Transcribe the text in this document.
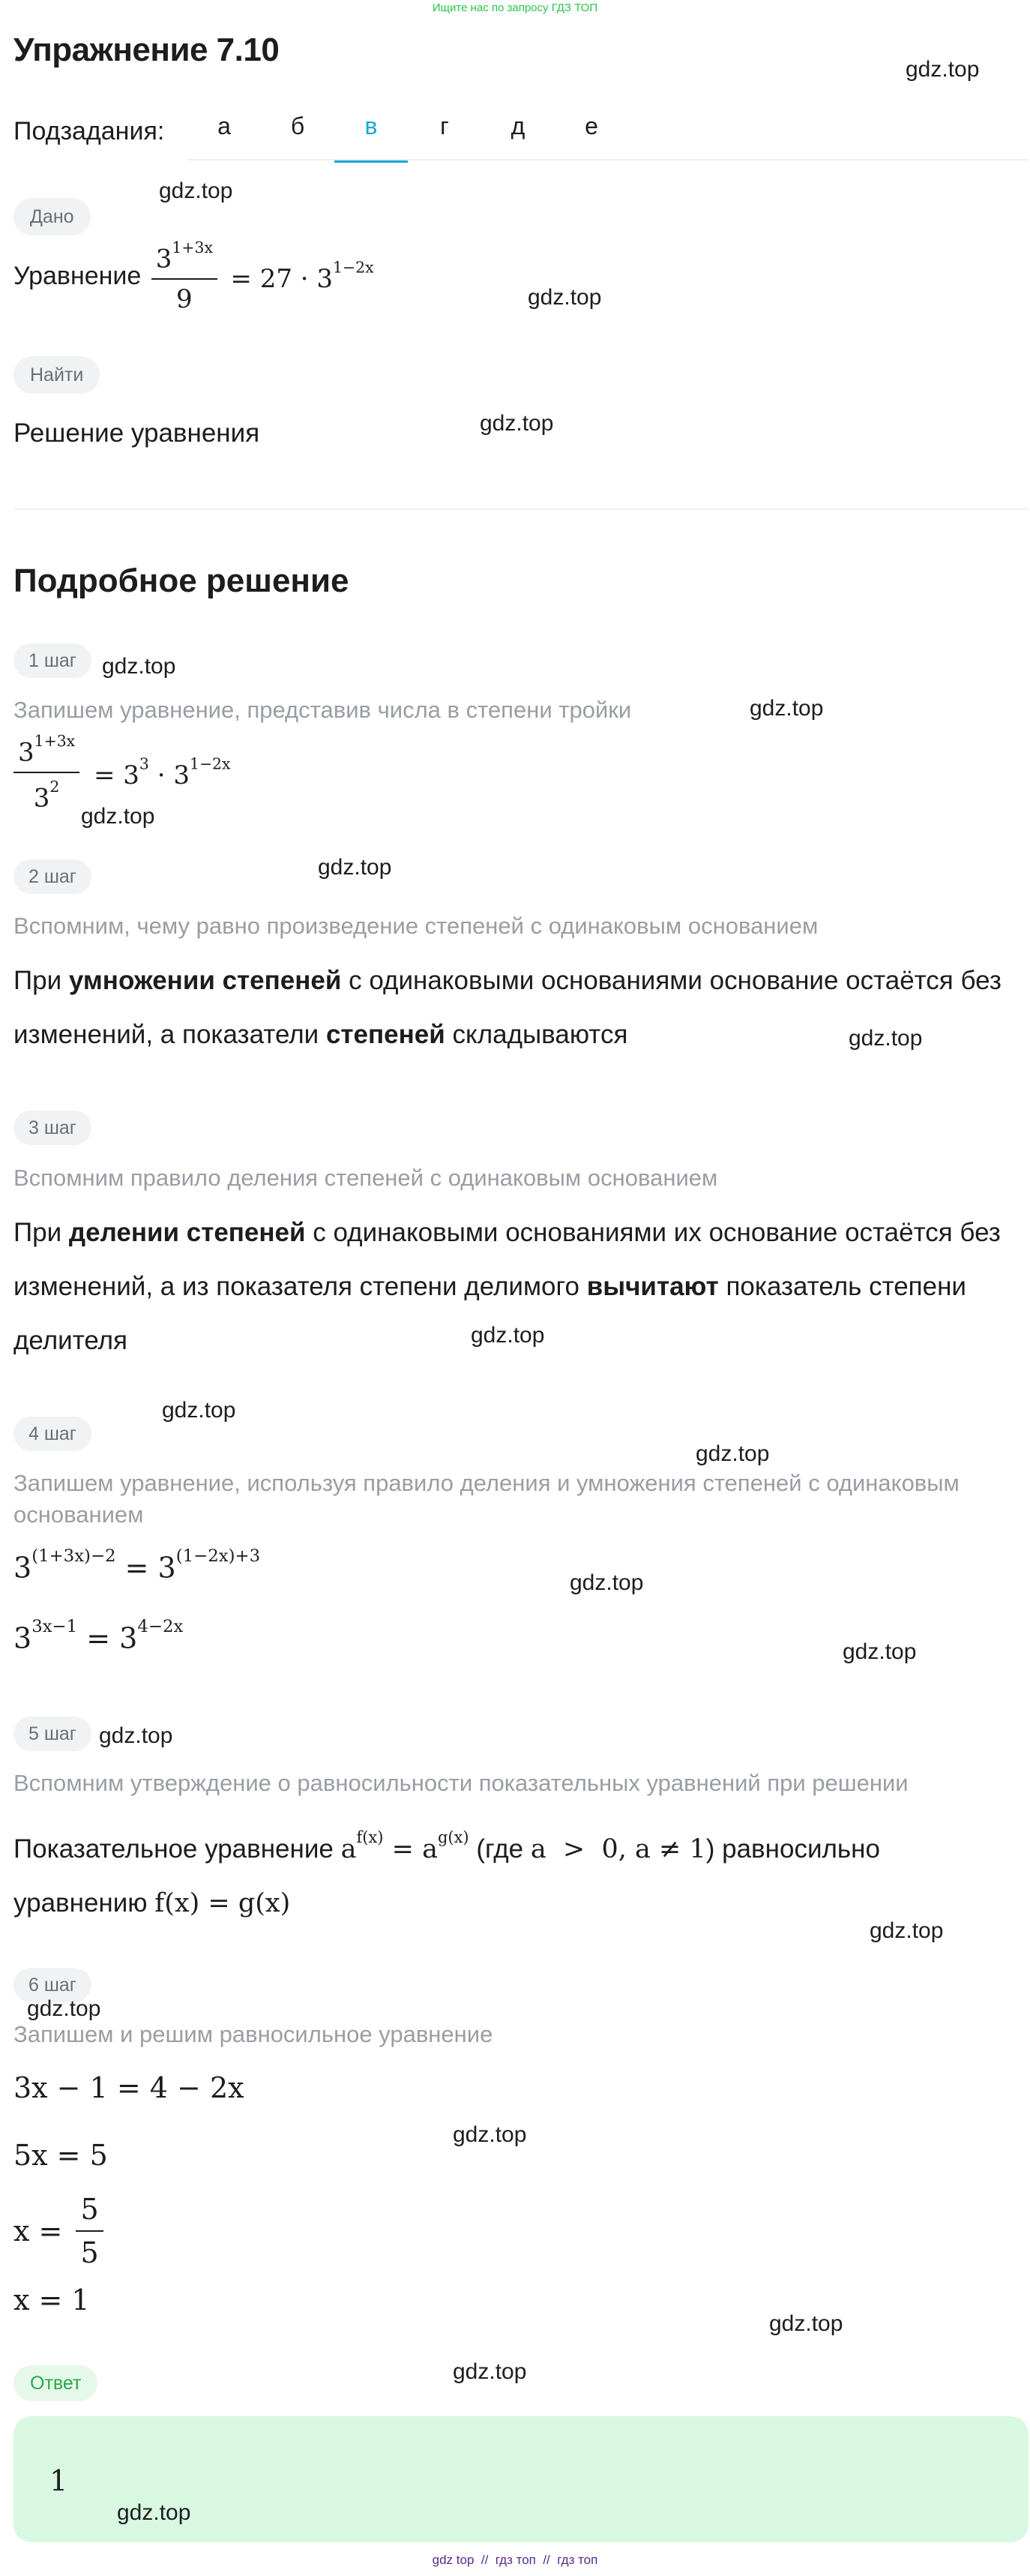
Ищите нас по запросу ГДЗ ТОП
Упражнение 7.10
Подзадания:	а	б	в	г	д	е
Дано
Уравнение $\frac{3^{1+3x}}{9} = 27 \cdot 3^{1-2x}$
Найти
Решение уравнения
Подробное решение
1 шаг
Запишем уравнение, представив числа в степени тройки
$\frac{3^{1+3x}}{3^2} = 3^3 \cdot 3^{1-2x}$
2 шаг
Вспомним, чему равно произведение степеней с одинаковым основанием
При умножении степеней с одинаковыми основаниями основание остаётся без изменений, а показатели степеней складываются
3 шаг
Вспомним правило деления степеней с одинаковым основанием
При делении степеней с одинаковыми основаниями их основание остаётся без изменений, а из показателя степени делимого вычитают показатель степени делителя
4 шаг
Запишем уравнение, используя правило деления и умножения степеней с одинаковым основанием
$3^{(1+3x)-2} = 3^{(1-2x)+3}$
$3^{3x-1} = 3^{4-2x}$
5 шаг
Вспомним утверждение о равносильности показательных уравнений при решении
Показательное уравнение $a^{f(x)} = a^{g(x)}$ (где a  >  0, a ≠ 1) равносильно уравнению f(x) = g(x)
6 шаг
Запишем и решим равносильное уравнение
3x − 1 = 4 − 2x
5x = 5
$x = \frac{5}{5}$
x = 1
Ответ
1
gdz.top
gdz.top
gdz.top
gdz.top
gdz.top
gdz.top
gdz.top
gdz.top
gdz.top
gdz.top
gdz.top
gdz.top
gdz.top
gdz.top
gdz.top
gdz.top
gdz.top
gdz.top
gdz.top
gdz.top
gdz.top
gdz top  //  гдз топ  //  гдз топ
